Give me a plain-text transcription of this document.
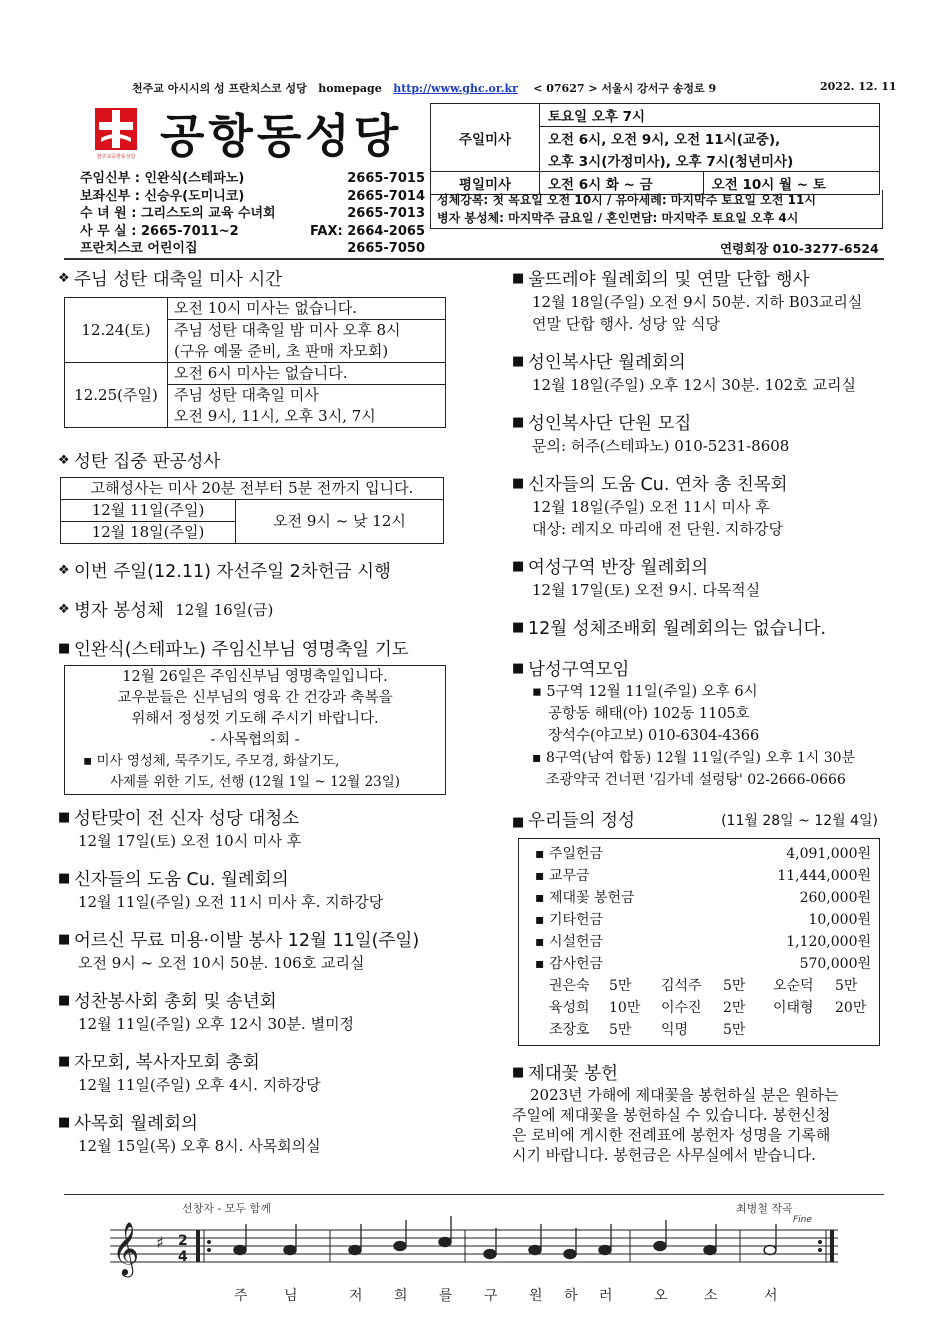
천주교 아시시의 성 프란치스코 성당 homepage http://www.ghc.or.kr < 07627 > 서울시 강서구 송정로 9	2022. 12. 11
천주교공항동성당 공항동성당
주임신부 : 인완식(스테파노)	2665-7015
보좌신부 : 신승우(도미니코)	2665-7014
수 녀 원 : 그리스도의 교육 수녀회	2665-7013
사 무 실 : 2665-7011~2	FAX: 2664-2065
프란치스코 어린이집	2665-7050
주일미사	토요일 오후 7시	
	오전 6시, 오전 9시, 오전 11시(교중),	
	오후 3시(가정미사), 오후 7시(청년미사)	
평일미사	오전 6시 화 ~ 금	오전 10시 월 ~ 토
성체강복: 첫 목요일 오전 10시 / 유아세례: 마지막주 토요일 오전 11시
병자 봉성체: 마지막주 금요일 / 혼인면담: 마지막주 토요일 오후 4시
연령회장 010-3277-6524
❖ 주님 성탄 대축일 미사 시간
12.24(토)	오전 10시 미사는 없습니다.
	주님 성탄 대축일 밤 미사 오후 8시
	(구유 예물 준비, 초 판매 자모회)
12.25(주일)	오전 6시 미사는 없습니다.
	주님 성탄 대축일 미사
	오전 9시, 11시, 오후 3시, 7시
❖ 성탄 집중 판공성사
고해성사는 미사 20분 전부터 5분 전까지 입니다.
12월 11일(주일)	오전 9시 ~ 낮 12시
12월 18일(주일)
❖ 이번 주일(12.11) 자선주일 2차헌금 시행
❖ 병자 봉성체
12월 16일(금)
■ 인완식(스테파노) 주임신부님 영명축일 기도
12월 26일은 주임신부님 영명축일입니다.
교우분들은 신부님의 영육 간 건강과 축복을
위해서 정성껏 기도해 주시기 바랍니다.
- 사목협의회 -
▪ 미사 영성체, 묵주기도, 주모경, 화살기도,
사제를 위한 기도, 선행 (12월 1일 ~ 12월 23일)
■ 성탄맞이 전 신자 성당 대청소
12월 17일(토) 오전 10시 미사 후
■ 신자들의 도움 Cu. 월례회의
12월 11일(주일) 오전 11시 미사 후. 지하강당
■ 어르신 무료 미용·이발 봉사 12월 11일(주일)
오전 9시 ~ 오전 10시 50분. 106호 교리실
■ 성찬봉사회 총회 및 송년회
12월 11일(주일) 오후 12시 30분. 별미정
■ 자모회, 복사자모회 총회
12월 11일(주일) 오후 4시. 지하강당
■ 사목회 월례회의
12월 15일(목) 오후 8시. 사목회의실
■ 울뜨레야 월례회의 및 연말 단합 행사
12월 18일(주일) 오전 9시 50분. 지하 B03교리실
연말 단합 행사. 성당 앞 식당
■ 성인복사단 월례회의
12월 18일(주일) 오후 12시 30분. 102호 교리실
■ 성인복사단 단원 모집
문의: 허주(스테파노) 010-5231-8608
■ 신자들의 도움 Cu. 연차 총 친목회
12월 18일(주일) 오전 11시 미사 후
대상: 레지오 마리애 전 단원. 지하강당
■ 여성구역 반장 월례회의
12월 17일(토) 오전 9시. 다목적실
■ 12월 성체조배회 월례회의는 없습니다.
■ 남성구역모임
▪ 5구역 12월 11일(주일) 오후 6시
공항동 해태(아) 102동 1105호
장석수(야고보) 010-6304-4366
▪ 8구역(남여 합동) 12월 11일(주일) 오후 1시 30분
조광약국 건너편 '김가네 설렁탕' 02-2666-0666
■ 우리들의 정성	(11월 28일 ~ 12월 4일)
▪ 주일헌금	4,091,000원
▪ 교무금	11,444,000원
▪ 제대꽃 봉헌금	260,000원
▪ 기타헌금	10,000원
▪ 시설헌금	1,120,000원
▪ 감사헌금	570,000원
권은숙	5만	김석주	5만	오순덕	5만
육성희	10만	이수진	2만	이태형	20만
조장호	5만	익명	5만
■ 제대꽃 봉헌
2023년 가해에 제대꽃을 봉헌하실 분은 원하는
주일에 제대꽃을 봉헌하실 수 있습니다. 봉헌신청
은 로비에 게시한 전례표에 봉헌자 성명을 기록해
시기 바랍니다. 봉헌금은 사무실에서 받습니다.
선창자 - 모두 함께	최병철 작곡
Fine
𝄞 ♯ 2
4
주	님	저 희 를 구 원 하 러	오	소	서
